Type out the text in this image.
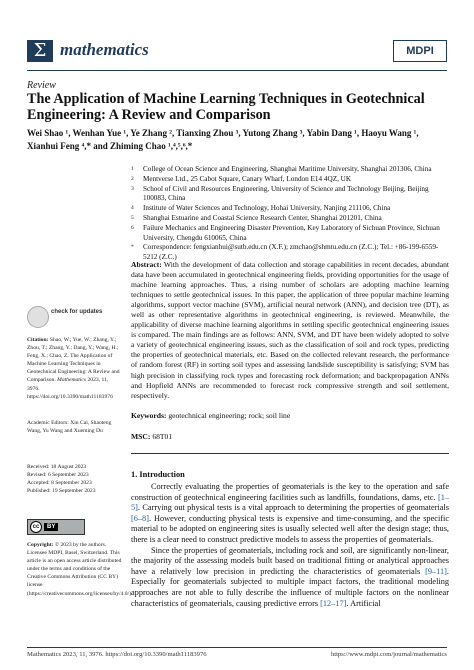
Σ mathematics	MDPI
Review
The Application of Machine Learning Techniques in Geotechnical Engineering: A Review and Comparison
Wei Shao ¹, Wenhan Yue ¹, Ye Zhang ², Tianxing Zhou ³, Yutong Zhang ³, Yabin Dang ¹, Haoyu Wang ¹, Xianhui Feng ⁴,* and Zhiming Chao ¹,⁴,⁵,⁶,*
1	College of Ocean Science and Engineering, Shanghai Maritime University, Shanghai 201306, China
2	Mentverse Ltd., 25 Cabot Square, Canary Wharf, London E14 4QZ, UK
3	School of Civil and Resources Engineering, University of Science and Technology Beijing, Beijing 100083, China
4	Institute of Water Sciences and Technology, Hohai University, Nanjing 211106, China
5	Shanghai Estuarine and Coastal Science Research Center, Shanghai 201201, China
6	Failure Mechanics and Engineering Disaster Prevention, Key Laboratory of Sichuan Province, Sichuan University, Chengdu 610065, China
*	Correspondence: fengxianhui@sutb.edu.cn (X.F.); zmchao@shmtu.edu.cn (Z.C.); Tel.: +86-199-6559-5212 (Z.C.)
Abstract: With the development of data collection and storage capabilities in recent decades, abundant data have been accumulated in geotechnical engineering fields, providing opportunities for the usage of machine learning approaches. Thus, a rising number of scholars are adopting machine learning techniques to settle geotechnical issues. In this paper, the application of three popular machine learning algorithms, support vector machine (SVM), artificial neural network (ANN), and decision tree (DT), as well as other representative algorithms in geotechnical engineering, is reviewed. Meanwhile, the applicability of diverse machine learning algorithms in settling specific geotechnical engineering issues is compared. The main findings are as follows: ANN, SVM, and DT have been widely adopted to solve a variety of geotechnical engineering issues, such as the classification of soil and rock types, predicting the properties of geotechnical materials, etc. Based on the collected relevant research, the performance of random forest (RF) in sorting soil types and assessing landslide susceptibility is satisfying; SVM has high precision in classifying rock types and forecasting rock deformation; and backpropagation ANNs and Hopfield ANNs are recommended to forecast rock compressive strength and soil settlement, respectively.
Keywords: geotechnical engineering; rock; soil line
MSC: 68T01
check for updates
Citation: Shao, W.; Yue, W.; Zhang, Y.; Zhou, T.; Zhang, Y.; Dang, Y.; Wang, H.; Feng, X.; Chao, Z. The Application of Machine Learning Techniques in Geotechnical Engineering: A Review and Comparison. Mathematics 2023, 11, 3976. https://doi.org/10.3390/math11183976
Academic Editors: Xin Cai, Shaoteng Wang, Yu Wang and Xueming Du
Received: 18 August 2023
Revised: 6 September 2023
Accepted: 8 September 2023
Published: 19 September 2023
cc	BY
Copyright: © 2023 by the authors. Licensee MDPI, Basel, Switzerland. This article is an open access article distributed under the terms and conditions of the Creative Commons Attribution (CC BY) license (https://creativecommons.org/licenses/by/4.0/).
1. Introduction

Correctly evaluating the properties of geomaterials is the key to the operation and safe construction of geotechnical engineering facilities such as landfills, foundations, dams, etc. [1–5]. Carrying out physical tests is a vital approach to determining the properties of geomaterials [6–8]. However, conducting physical tests is expensive and time-consuming, and the specific material to be adopted on engineering sites is usually selected well after the design stage; thus, there is a clear need to construct predictive models to assess the properties of geomaterials.

Since the properties of geomaterials, including rock and soil, are significantly non-linear, the majority of the assessing models built based on traditional fitting or analytical approaches have a relatively low precision in predicting the characteristics of geomaterials [9–11]. Especially for geomaterials subjected to multiple impact factors, the traditional modeling approaches are not able to fully describe the influence of multiple factors on the nonlinear characteristics of geomaterials, causing predictive errors [12–17]. Artificial

Mathematics 2023, 11, 3976. https://doi.org/10.3390/math11183976	https://www.mdpi.com/journal/mathematics
